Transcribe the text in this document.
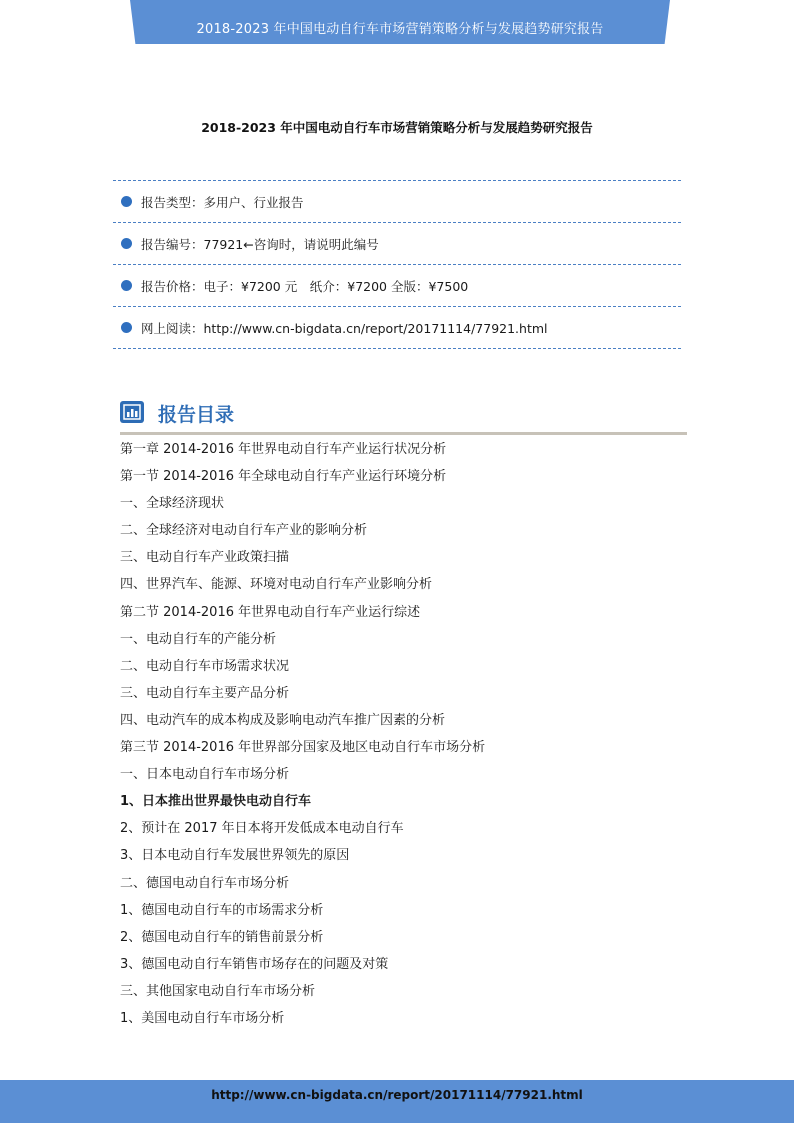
2018-2023 年中国电动自行车市场营销策略分析与发展趋势研究报告
2018-2023 年中国电动自行车市场营销策略分析与发展趋势研究报告
报告类型：多用户、行业报告
报告编号：77921←咨询时，请说明此编号
报告价格：电子：¥7200 元　纸介：¥7200 全版：¥7500
网上阅读：http://www.cn-bigdata.cn/report/20171114/77921.html
报告目录
第一章 2014-2016 年世界电动自行车产业运行状况分析
第一节 2014-2016 年全球电动自行车产业运行环境分析
一、全球经济现状
二、全球经济对电动自行车产业的影响分析
三、电动自行车产业政策扫描
四、世界汽车、能源、环境对电动自行车产业影响分析
第二节 2014-2016 年世界电动自行车产业运行综述
一、电动自行车的产能分析
二、电动自行车市场需求状况
三、电动自行车主要产品分析
四、电动汽车的成本构成及影响电动汽车推广因素的分析
第三节 2014-2016 年世界部分国家及地区电动自行车市场分析
一、日本电动自行车市场分析
1、日本推出世界最快电动自行车
2、预计在 2017 年日本将开发低成本电动自行车
3、日本电动自行车发展世界领先的原因
二、德国电动自行车市场分析
1、德国电动自行车的市场需求分析
2、德国电动自行车的销售前景分析
3、德国电动自行车销售市场存在的问题及对策
三、其他国家电动自行车市场分析
1、美国电动自行车市场分析
http://www.cn-bigdata.cn/report/20171114/77921.html
